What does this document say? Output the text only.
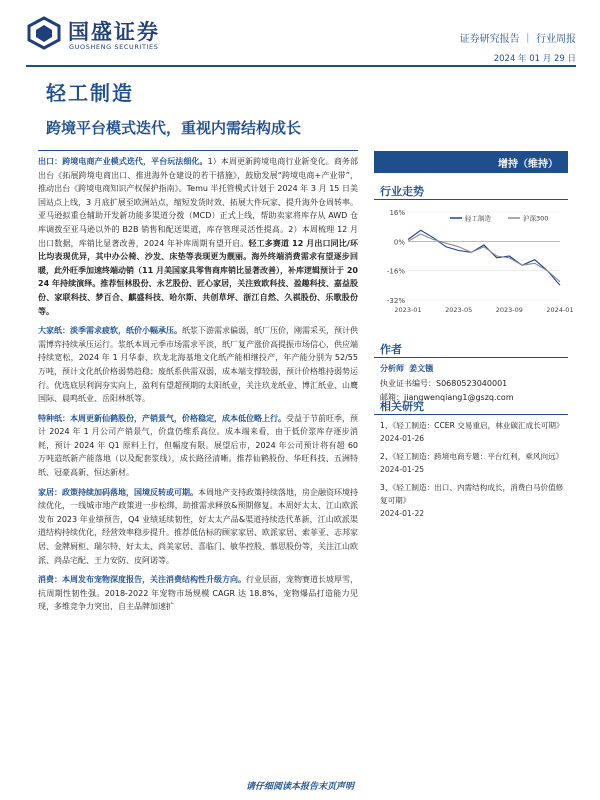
国盛证券
GUOSHENG SECURITIES
证券研究报告 ｜ 行业周报
2024 年 01 月 29 日
轻工制造
跨境平台模式迭代，重视内需结构成长

出口：跨境电商产业模式迭代，平台玩法细化。1）本周更新跨境电商行业新变化。商务部出台《拓展跨境电商出口、推进海外仓建设的若干措施》，鼓励发展“跨境电商+产业带”，推动出台《跨境电商知识产权保护指南》。Temu 半托管模式计划于 2024 年 3 月 15 日美国站点上线，3 月底扩展至欧洲站点，缩短发货时效、拓展大件玩家、提升海外仓周转率。亚马逊拟重仓辅助开发新功能多渠道分拨（MCD）正式上线，帮助卖家将库存从 AWD 仓库调拨至亚马逊以外的 B2B 销售和配送渠道，库存管理灵活性提高。2）本周梳理 12 月出口数据，库销比显著改善，2024 年补库周期有望开启。轻工多赛道 12 月出口同比/环比均表现优异，其中办公椅、沙发、床垫等表现更为靓丽。海外终端消费需求有望逐步回暖，此外旺季加速终端动销（11 月美国家具零售商库销比显著改善），补库逻辑预计于 2024 年持续演绎。推荐恒林股份、永艺股份、匠心家居，关注致欧科技、盈趣科技、嘉益股份、家联科技、梦百合、麒盛科技、哈尔斯、共创草坪、浙江自然、久祺股份、乐歌股份等。

大家纸：淡季需求疲软，纸价小幅承压。纸浆下游需求偏弱，纸厂压价，刚需采买，预计供需博弈持续承压运行。浆纸本周元季市场需求平淡，纸厂复产涨价高提振市场信心，供应端持续宽松，2024 年 1 月华泰、玖龙北海基地文化纸产能相继投产，年产能分别为 52/55 万吨，预计文化纸价格弱势趋稳；废纸系供需双弱，成本端支撑较弱，预计价格维持弱势运行。优选底层利润夯实向上，盈利有望超预期的太阳纸业，关注玖龙纸业、博汇纸业、山鹰国际、晨鸣纸业、岳阳林纸等。

特种纸：本周更新仙鹤股份，产销景气，价格稳定，成本低位略上行。受益于节前旺季，预计 2024 年 1 月公司产销景气，价盘仍维系高位。成本端来看，由于低价浆库存逐步消耗，预计 2024 年 Q1 原料上行，但幅度有限。展望后市，2024 年公司预计将有超 60 万吨造纸新产能落地（以及配套浆线），成长路径清晰。推荐仙鹤股份、华旺科技、五洲特纸、冠豪高新、恒达新材。

家居：政策持续加码落地，国境反转或可期。本周地产支持政策持续落地，房企融资环境持续优化，一线城市地产政策进一步松绑，助推需求释放&预期修复。本周好太太、江山欧派发布 2023 年业绩预告，Q4 业绩延续韧性，好太太产品&渠道持续迭代革新，江山欧派渠道结构持续优化，经营效率稳步提升。推荐低估标的顾家家居、欧派家居、索菲亚、志邦家居、金牌厨柜、瑞尔特、好太太、尚美家居、喜临门、敏华控股、慕思股份等，关注江山欧派、尚品宅配、王力安防、皮阿诺等。

消费：本周发布宠物深度报告，关注消费结构性升级方向。行业层面，宠物赛道长坡厚雪，抗周期性韧性强。2018-2022 年宠物市场规模 CAGR 达 18.8%，宠物爆品打造能力见现，多维竞争力突出，自主品牌加速扩

增持（维持）
行业走势
16%
0%
-16%
-32%
2023-01	2023-05	2023-09	2024-01
轻工制造	沪深300
作者
分析师 姜文镪
执业证书编号：S0680523040001
邮箱：jiangwenqiang1@gszq.com
相关研究
1、《轻工制造：CCER 交易重启，林业碳汇成长可期》
2024-01-26
2、《轻工制造：跨境电商专题：平台红利，乘风向远》
2024-01-25
3、《轻工制造：出口、内需结构成长，消费白马价值修复可期》
2024-01-22
请仔细阅读本报告末页声明
